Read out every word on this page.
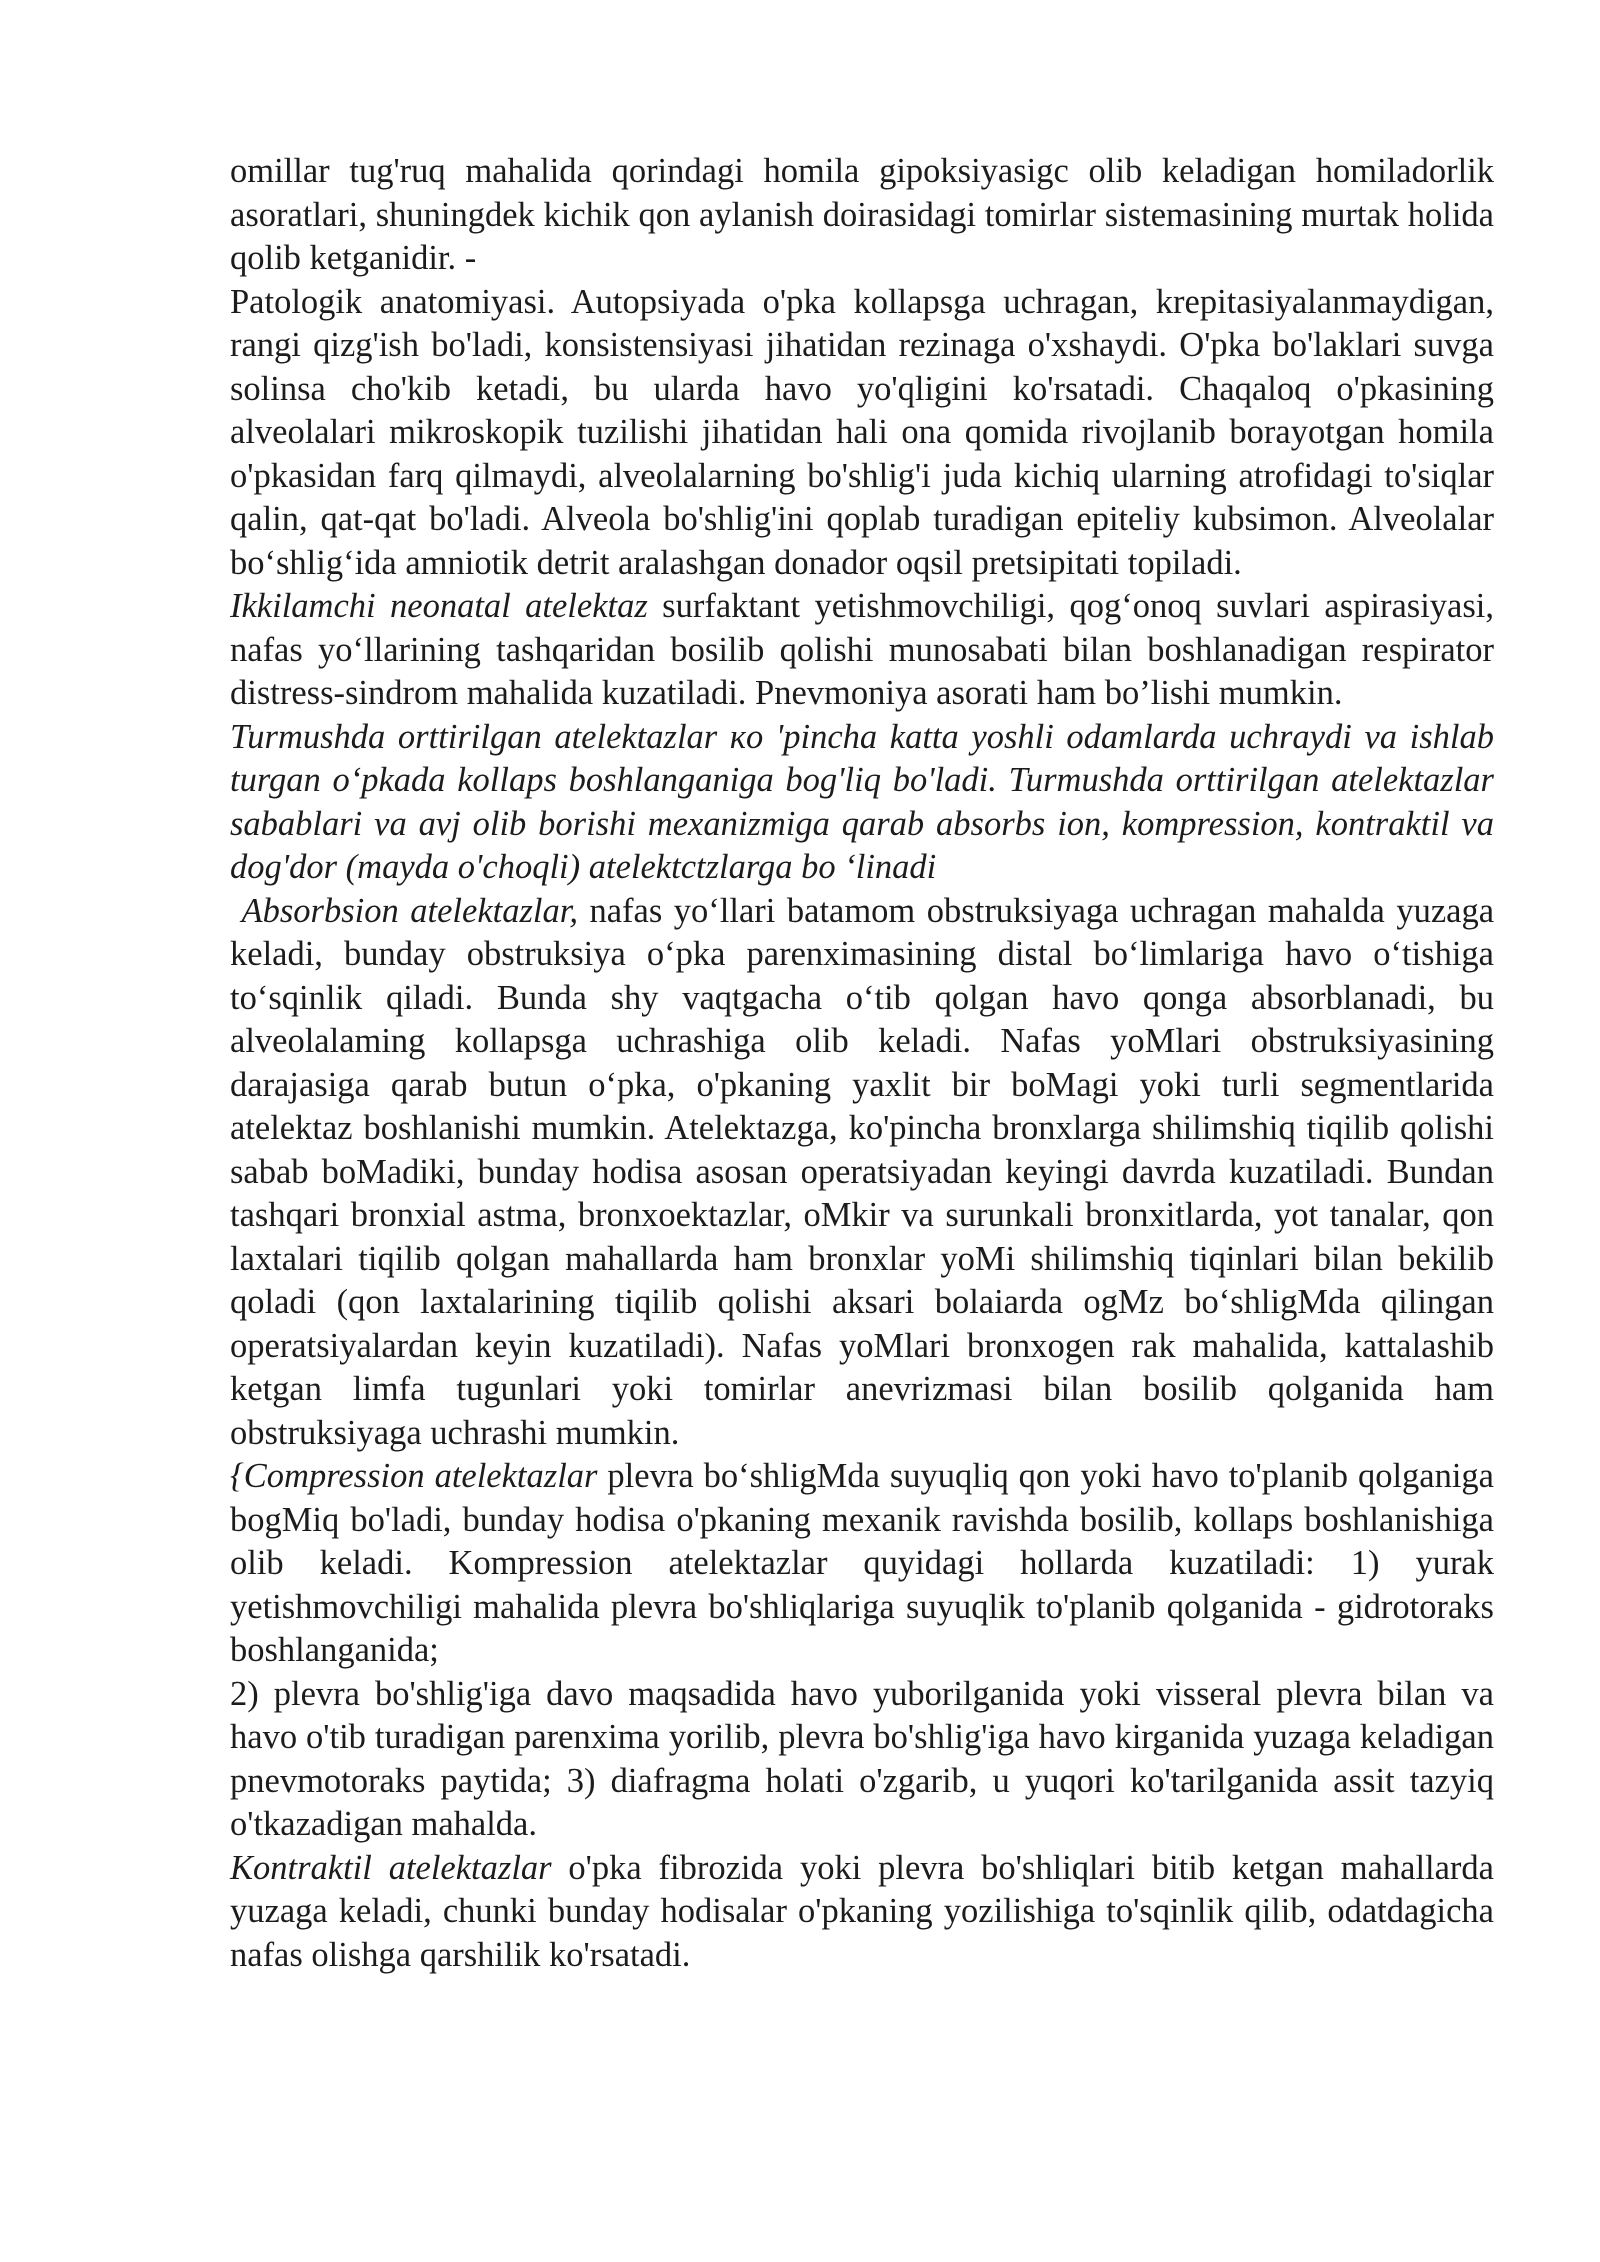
omillar tug'ruq mahalida qorindagi homila gipoksiyasigc olib keladigan homiladorlik asoratlari, shuningdek kichik qon aylanish doirasidagi tomirlar sistemasining murtak holida qolib ketganidir. -

Patologik anatomiyasi. Autopsiyada o'pka kollapsga uchragan, krepitasiyalanmaydigan, rangi qizg'ish bo'ladi, konsistensiyasi jihatidan rezinaga o'xshaydi. O'pka bo'laklari suvga solinsa cho'kib ketadi, bu ularda havo yo'qligini ko'rsatadi. Chaqaloq o'pkasining alveolalari mikroskopik tuzilishi jihatidan hali ona qomida rivojlanib borayotgan homila o'pkasidan farq qilmaydi, alveolalarning bo'shlig'i juda kichiq ularning atrofidagi to'siqlar qalin, qat-qat bo'ladi. Alveola bo'shlig'ini qoplab turadigan epiteliy kubsimon. Alveolalar bo‘shlig‘ida amniotik detrit aralashgan donador oqsil pretsipitati topiladi.

Ikkilamchi neonatal atelektaz surfaktant yetishmovchiligi, qog‘onoq suvlari aspirasiyasi, nafas yo‘llarining tashqaridan bosilib qolishi munosabati bilan boshlanadigan respirator distress-sindrom mahalida kuzatiladi. Pnevmoniya asorati ham bo’lishi mumkin.

Turmushda orttirilgan atelektazlar кo 'pincha katta yoshli odamlarda uchraydi va ishlab turgan o‘pkada kollaps boshlanganiga bog'liq bo'ladi. Turmushda orttirilgan atelektazlar sabablari va avj olib borishi mexanizmiga qarab absorbs ion, kompression, kontraktil va dog'dor (mayda o'choqli) atelektctzlarga bo ‘linadi

Absorbsion atelektazlar, nafas yo‘llari batamom obstruksiyaga uchragan mahalda yuzaga keladi, bunday obstruksiya o‘pka parenximasining distal bo‘limlariga havo o‘tishiga to‘sqinlik qiladi. Bunda shy vaqtgacha o‘tib qolgan havo qonga absorblanadi, bu alveolalaming kollapsga uchrashiga olib keladi. Nafas yoMlari obstruksiyasining darajasiga qarab butun o‘pka, o'pkaning yaxlit bir boMagi yoki turli segmentlarida atelektaz boshlanishi mumkin. Atelektazga, ko'pincha bronxlarga shilimshiq tiqilib qolishi sabab boMadiki, bunday hodisa asosan operatsiyadan keyingi davrda kuzatiladi. Bundan tashqari bronxial astma, bronxoektazlar, oMkir va surunkali bronxitlarda, yot tanalar, qon laxtalari tiqilib qolgan mahallarda ham bronxlar yoMi shilimshiq tiqinlari bilan bekilib qoladi (qon laxtalarining tiqilib qolishi aksari bolaiarda ogMz bo‘shligMda qilingan operatsiyalardan keyin kuzatiladi). Nafas yoMlari bronxogen rak mahalida, kattalashib ketgan limfa tugunlari yoki tomirlar anevrizmasi bilan bosilib qolganida ham obstruksiyaga uchrashi mumkin.

{Compression atelektazlar plevra bo‘shligMda suyuqliq qon yoki havo to'planib qolganiga bogMiq bo'ladi, bunday hodisa o'pkaning mexanik ravishda bosilib, kollaps boshlanishiga olib keladi. Kompression atelektazlar quyidagi hollarda kuzatiladi: 1) yurak yetishmovchiligi mahalida plevra bo'shliqlariga suyuqlik to'planib qolganida - gidrotoraks boshlanganida;

2) plevra bo'shlig'iga davo maqsadida havo yuborilganida yoki visseral plevra bilan va havo o'tib turadigan parenxima yorilib, plevra bo'shlig'iga havo kirganida yuzaga keladigan pnevmotoraks paytida; 3) diafragma holati o'zgarib, u yuqori ko'tarilganida assit tazyiq o'tkazadigan mahalda.

Kontraktil atelektazlar o'pka fibrozida yoki plevra bo'shliqlari bitib ketgan mahallarda yuzaga keladi, chunki bunday hodisalar o'pkaning yozilishiga to'sqinlik qilib, odatdagicha nafas olishga qarshilik ko'rsatadi.
